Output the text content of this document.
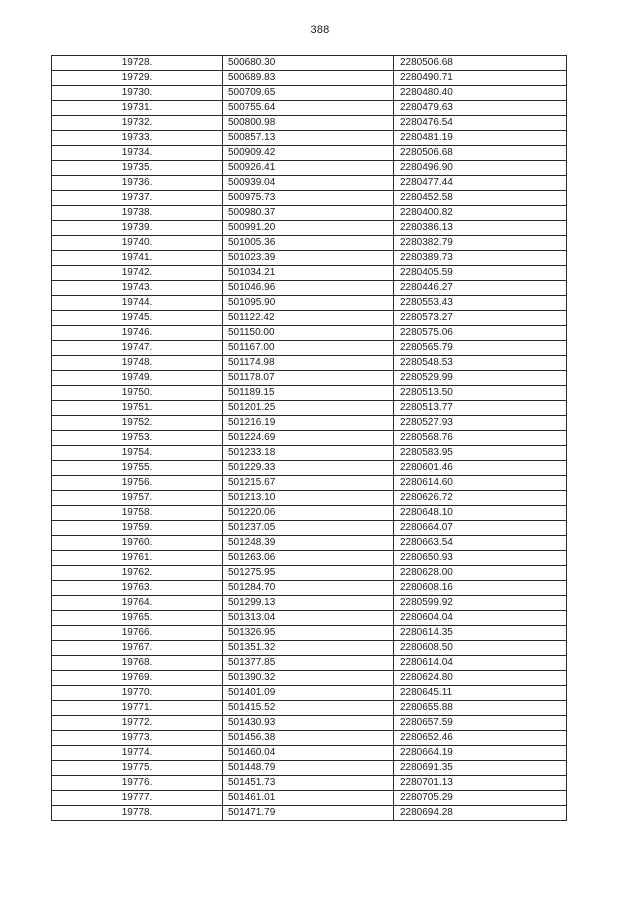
388
19728.	500680.30	2280506.68
19729.	500689.83	2280490.71
19730.	500709.65	2280480.40
19731.	500755.64	2280479.63
19732.	500800.98	2280476.54
19733.	500857.13	2280481.19
19734.	500909.42	2280506.68
19735.	500926.41	2280496.90
19736.	500939.04	2280477.44
19737.	500975.73	2280452.58
19738.	500980.37	2280400.82
19739.	500991.20	2280386.13
19740.	501005.36	2280382.79
19741.	501023.39	2280389.73
19742.	501034.21	2280405.59
19743.	501046.96	2280446.27
19744.	501095.90	2280553.43
19745.	501122.42	2280573.27
19746.	501150.00	2280575.06
19747.	501167.00	2280565.79
19748.	501174.98	2280548.53
19749.	501178.07	2280529.99
19750.	501189.15	2280513.50
19751.	501201.25	2280513.77
19752.	501216.19	2280527.93
19753.	501224.69	2280568.76
19754.	501233.18	2280583.95
19755.	501229.33	2280601.46
19756.	501215.67	2280614.60
19757.	501213.10	2280626.72
19758.	501220.06	2280648.10
19759.	501237.05	2280664.07
19760.	501248.39	2280663.54
19761.	501263.06	2280650.93
19762.	501275.95	2280628.00
19763.	501284.70	2280608.16
19764.	501299.13	2280599.92
19765.	501313.04	2280604.04
19766.	501326.95	2280614.35
19767.	501351.32	2280608.50
19768.	501377.85	2280614.04
19769.	501390.32	2280624.80
19770.	501401.09	2280645.11
19771.	501415.52	2280655.88
19772.	501430.93	2280657.59
19773.	501456.38	2280652.46
19774.	501460.04	2280664.19
19775.	501448.79	2280691.35
19776.	501451.73	2280701.13
19777.	501461.01	2280705.29
19778.	501471.79	2280694.28
